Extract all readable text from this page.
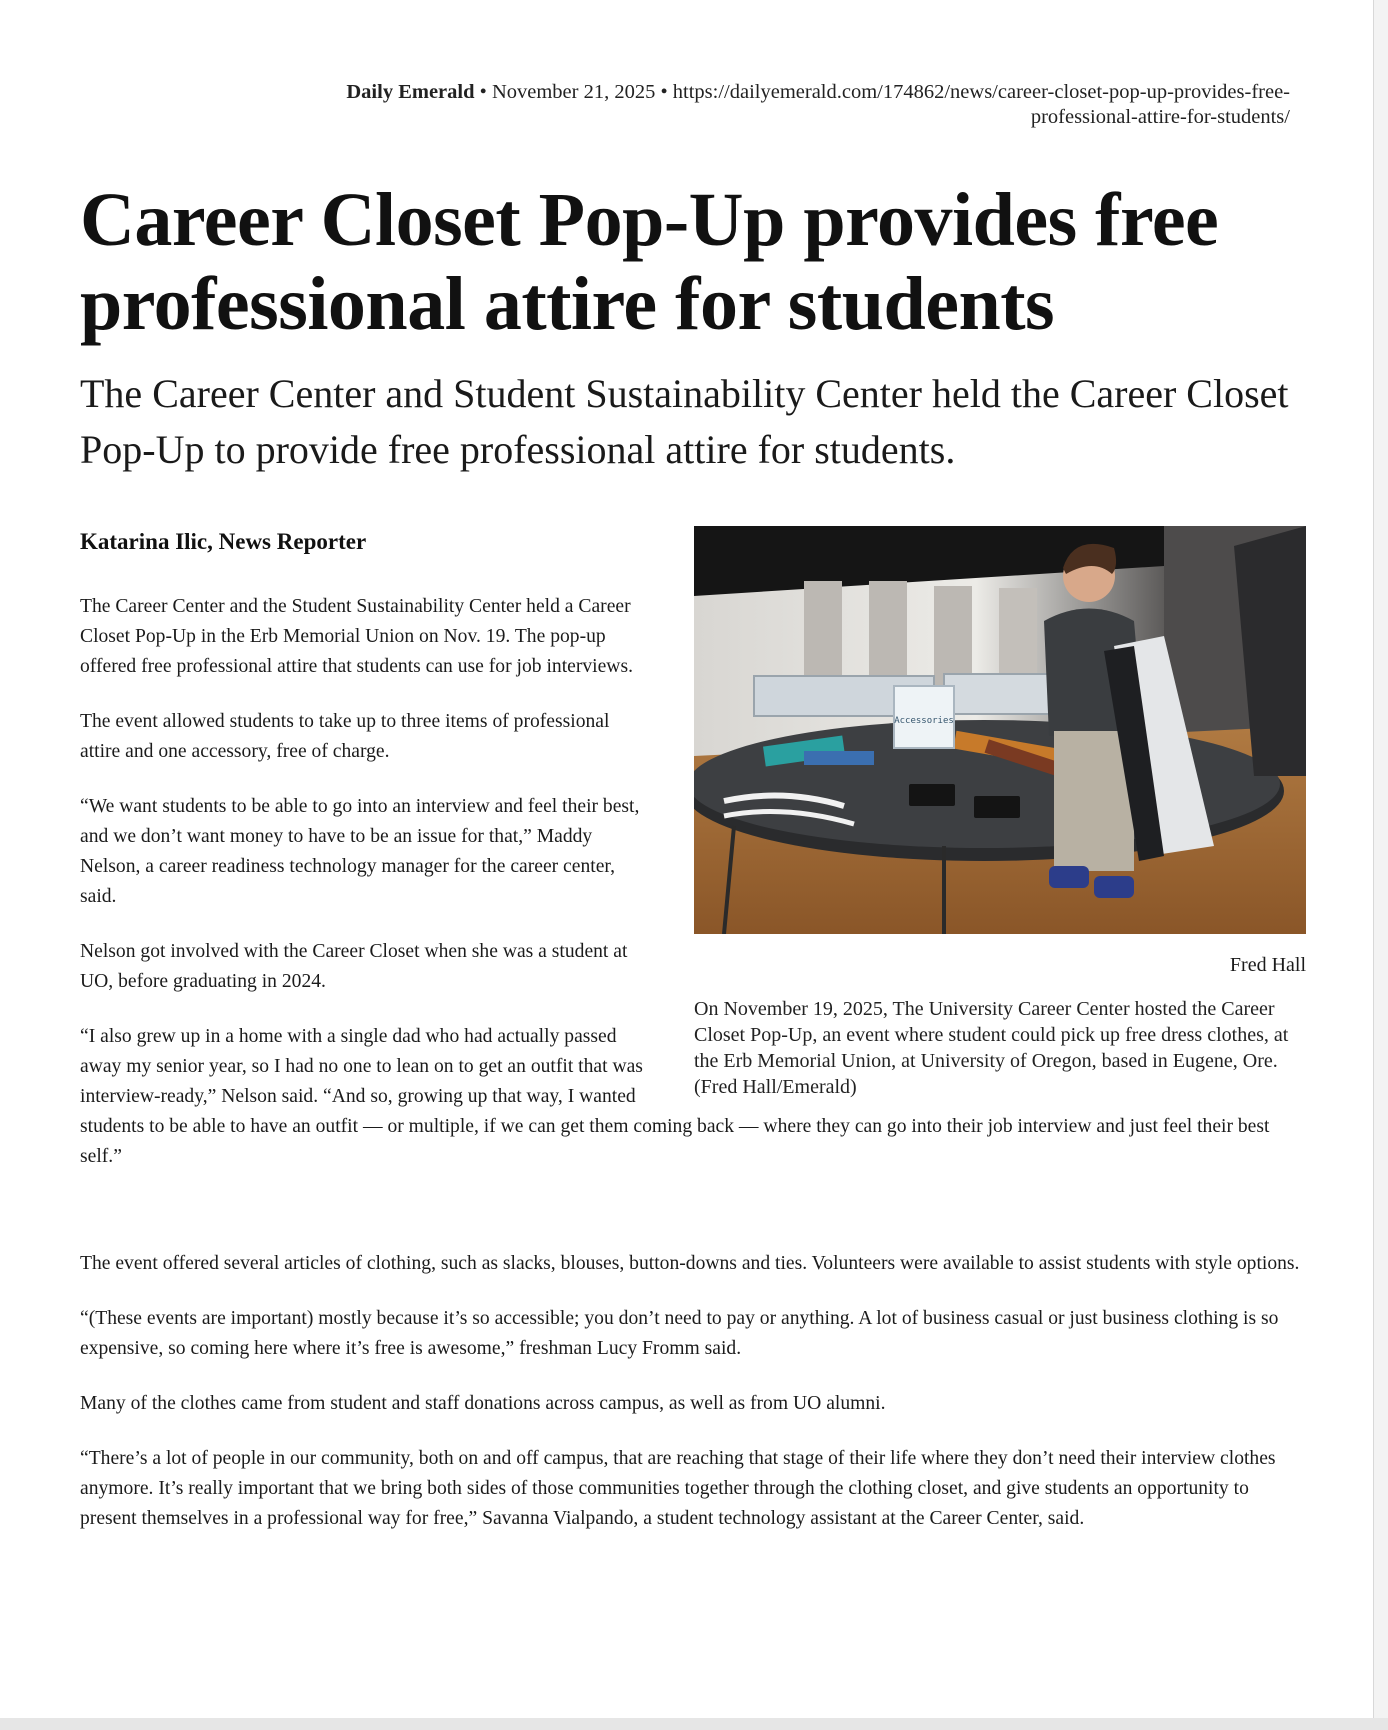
Daily Emerald • November 21, 2025 • https://dailyemerald.com/174862/news/career-closet-pop-up-provides-free-professional-attire-for-students/
Career Closet Pop-Up provides free professional attire for students
The Career Center and Student Sustainability Center held the Career Closet Pop-Up to provide free professional attire for students.
Katarina Ilic, News Reporter
Accessories
Fred Hall
On November 19, 2025, The University Career Center hosted the Career Closet Pop-Up, an event where student could pick up free dress clothes, at the Erb Memorial Union, at University of Oregon, based in Eugene, Ore. (Fred Hall/Emerald)

The Career Center and the Student Sustainability Center held a Career Closet Pop-Up in the Erb Memorial Union on Nov. 19. The pop-up offered free professional attire that students can use for job interviews.

The event allowed students to take up to three items of professional attire and one accessory, free of charge.

“We want students to be able to go into an interview and feel their best, and we don’t want money to have to be an issue for that,” Maddy Nelson, a career readiness technology manager for the career center, said.

Nelson got involved with the Career Closet when she was a student at UO, before graduating in 2024.

“I also grew up in a home with a single dad who had actually passed away my senior year, so I had no one to lean on to get an outfit that was interview-ready,” Nelson said. “And so, growing up that way, I wanted students to be able to have an outfit — or multiple, if we can get them coming back — where they can go into their job interview and just feel their best self.”

The event offered several articles of clothing, such as slacks, blouses, button-downs and ties. Volunteers were available to assist students with style options.

“(These events are important) mostly because it’s so accessible; you don’t need to pay or anything. A lot of business casual or just business clothing is so expensive, so coming here where it’s free is awesome,” freshman Lucy Fromm said.

Many of the clothes came from student and staff donations across campus, as well as from UO alumni.

“There’s a lot of people in our community, both on and off campus, that are reaching that stage of their life where they don’t need their interview clothes anymore. It’s really important that we bring both sides of those communities together through the clothing closet, and give students an opportunity to present themselves in a professional way for free,” Savanna Vialpando, a student technology assistant at the Career Center, said.
